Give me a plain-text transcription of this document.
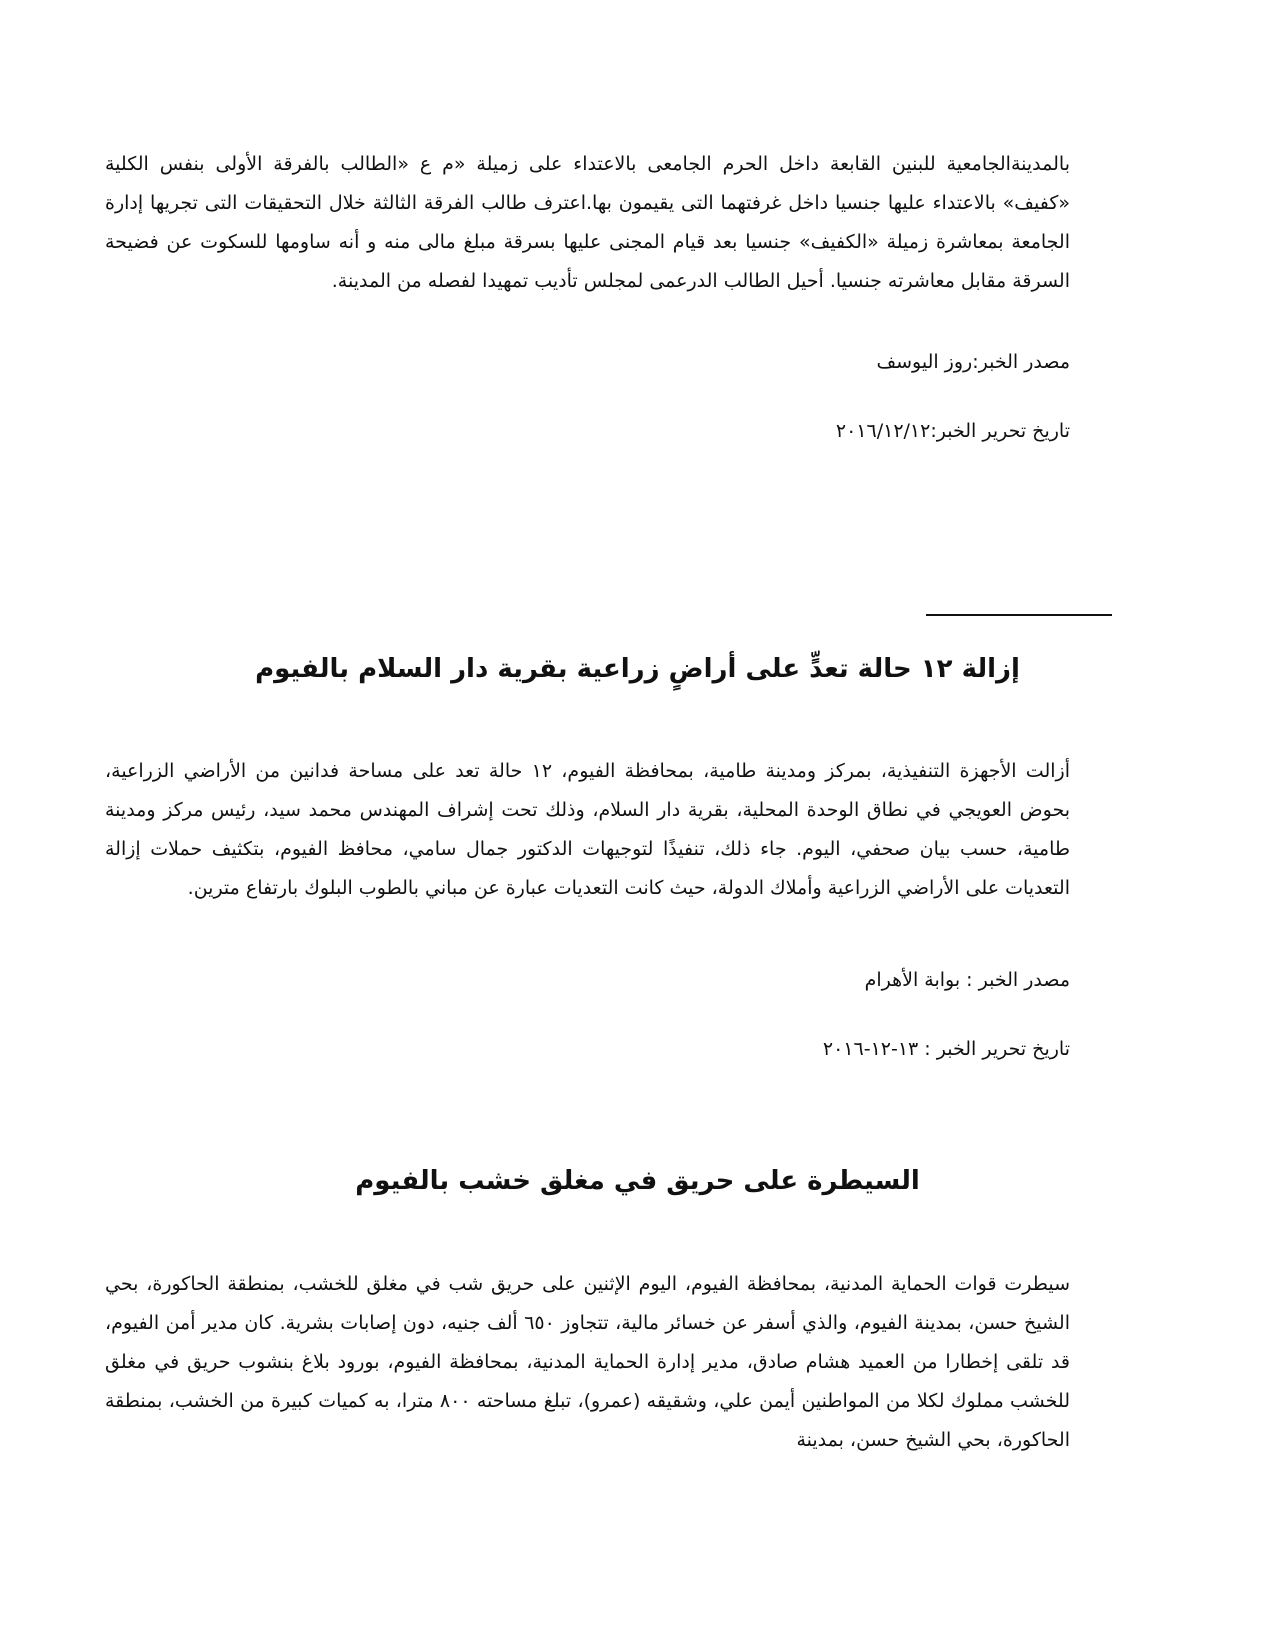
بالمدينةالجامعية للبنين القابعة داخل الحرم الجامعى بالاعتداء على زميلة «م ع «الطالب بالفرقة الأولى بنفس الكلية «كفيف» بالاعتداء عليها جنسيا داخل غرفتهما التى يقيمون بها.اعترف طالب الفرقة الثالثة خلال التحقيقات التى تجريها إدارة الجامعة بمعاشرة زميلة «الكفيف» جنسيا بعد قيام المجنى عليها بسرقة مبلغ مالى منه و أنه ساومها للسكوت عن فضيحة السرقة مقابل معاشرته جنسيا. أحيل الطالب الدرعمى لمجلس تأديب تمهيدا لفصله من المدينة.

مصدر الخبر:روز اليوسف

تاريخ تحرير الخبر:٢٠١٦/١٢/١٢

إزالة ١٢ حالة تعدٍّ على أراضٍ زراعية بقرية دار السلام بالفيوم

أزالت الأجهزة التنفيذية، بمركز ومدينة طامية، بمحافظة الفيوم، ١٢ حالة تعد على مساحة فدانين من الأراضي الزراعية، بحوض العويجي في نطاق الوحدة المحلية، بقرية دار السلام، وذلك تحت إشراف المهندس محمد سيد، رئيس مركز ومدينة طامية، حسب بيان صحفي، اليوم. جاء ذلك، تنفيذًا لتوجيهات الدكتور جمال سامي، محافظ الفيوم، بتكثيف حملات إزالة التعديات على الأراضي الزراعية وأملاك الدولة، حيث كانت التعديات عبارة عن مباني بالطوب البلوك بارتفاع مترين.

مصدر الخبر : بوابة الأهرام

تاريخ تحرير الخبر : ١٣-١٢-٢٠١٦

السيطرة على حريق في مغلق خشب بالفيوم

سيطرت قوات الحماية المدنية، بمحافظة الفيوم، اليوم الإثنين على حريق شب في مغلق للخشب، بمنطقة الحاكورة، بحي الشيخ حسن، بمدينة الفيوم، والذي أسفر عن خسائر مالية، تتجاوز ٦٥٠ ألف جنيه، دون إصابات بشرية. كان مدير أمن الفيوم، قد تلقى إخطارا من العميد هشام صادق، مدير إدارة الحماية المدنية، بمحافظة الفيوم، بورود بلاغ بنشوب حريق في مغلق للخشب مملوك لكلا من المواطنين أيمن علي، وشقيقه (عمرو)، تبلغ مساحته ٨٠٠ مترا، به كميات كبيرة من الخشب، بمنطقة الحاكورة، بحي الشيخ حسن، بمدينة
